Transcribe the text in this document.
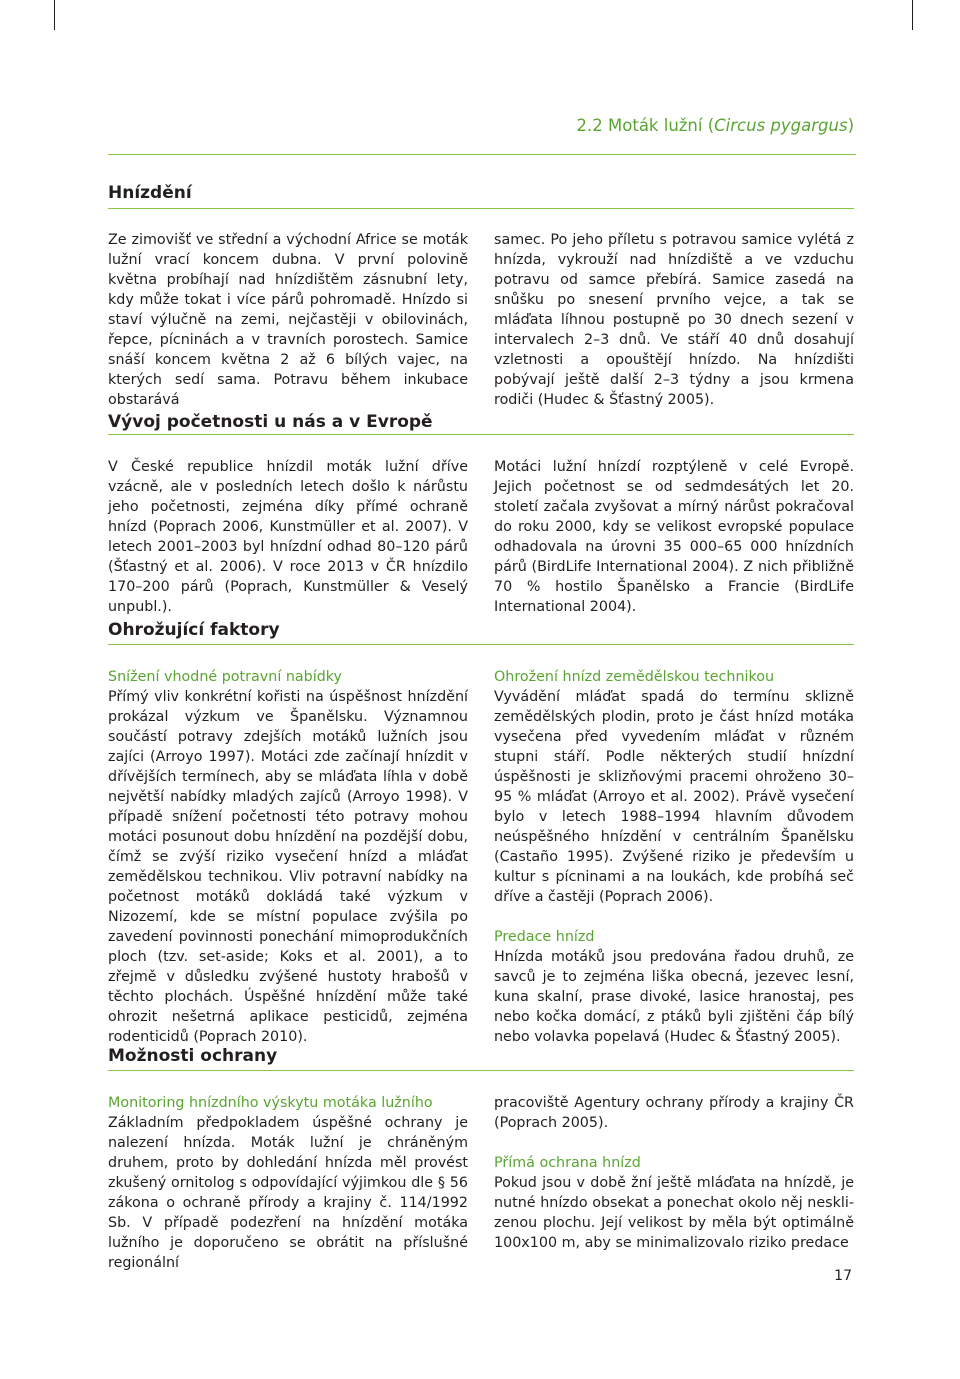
2.2 Moták lužní (Circus pygargus)
Hnízdění

Ze zimovišť ve střední a východní Africe se moták lužní vrací koncem dubna. V první polovině května probíhají nad hnízdištěm zásnubní lety, kdy může tokat i více párů pohromadě. Hnízdo si staví výlučně na zemi, nejčastěji v obilovinách, řepce, pícninách a v travních porostech. Samice snáší koncem května 2 až 6 bílých vajec, na kterých sedí sama. Potravu během inkubace obstarává

samec. Po jeho příletu s potravou samice vylétá z hnízda, vykrouží nad hnízdiště a ve vzduchu potravu od samce přebírá. Samice zasedá na snůšku po snesení prvního vejce, a tak se mláďata líhnou postupně po 30 dnech sezení v intervalech 2–3 dnů. Ve stáří 40 dnů dosahují vzletnosti a opouštějí hnízdo. Na hnízdišti pobývají ještě další 2–3 týdny a jsou krmena rodiči (Hudec & Šťastný 2005).

Vývoj početnosti u nás a v Evropě

V České republice hnízdil moták lužní dříve vzácně, ale v posledních letech došlo k nárůstu jeho početnosti, zejména díky přímé ochraně hnízd (Poprach 2006, Kunstmüller et al. 2007). V letech 2001–2003 byl hnízdní odhad 80–120 párů (Šťastný et al. 2006). V roce 2013 v ČR hnízdilo 170–200 párů (Poprach, Kunstmüller & Veselý unpubl.).

Motáci lužní hnízdí rozptýleně v celé Evropě. Jejich početnost se od sedmdesátých let 20. století začala zvyšovat a mírný nárůst pokračoval do roku 2000, kdy se velikost evropské populace odhadovala na úrovni 35 000–65 000 hnízdních párů (BirdLife International 2004). Z nich přibližně 70 % hostilo Španělsko a Francie (BirdLife International 2004).

Ohrožující faktory

Snížení vhodné potravní nabídky

Přímý vliv konkrétní kořisti na úspěšnost hnízdění prokázal výzkum ve Španělsku. Významnou součástí potravy zdejších motáků lužních jsou zajíci (Arroyo 1997). Motáci zde začínají hnízdit v dřívějších termínech, aby se mláďata líhla v době největší nabídky mladých zajíců (Arroyo 1998). V případě snížení početnosti této potravy mohou motáci posunout dobu hnízdění na pozdější dobu, čímž se zvýší riziko vysečení hnízd a mláďat zemědělskou technikou. Vliv potravní nabídky na početnost motáků dokládá také výzkum v Nizozemí, kde se místní populace zvýšila po zavedení povinnosti ponechání mimoprodukčních ploch (tzv. set-aside; Koks et al. 2001), a to zřejmě v důsledku zvýšené hustoty hrabošů v těchto plochách. Úspěšné hnízdění může také ohrozit nešetrná aplikace pesticidů, zejména rodenticidů (Poprach 2010).

Ohrožení hnízd zemědělskou technikou

Vyvádění mláďat spadá do termínu sklizně zemědělských plodin, proto je část hnízd motáka vysečena před vyvedením mláďat v různém stupni stáří. Podle některých studií hnízdní úspěšnosti je sklizňovými pracemi ohroženo 30–95 % mláďat (Arroyo et al. 2002). Právě vysečení bylo v letech 1988–1994 hlavním důvodem neúspěšného hnízdění v centrálním Španělsku (Castaño 1995). Zvýšené riziko je především u kultur s pícninami a na loukách, kde probíhá seč dříve a častěji (Poprach 2006).

Predace hnízd

Hnízda motáků jsou predována řadou druhů, ze savců je to zejména liška obecná, jezevec lesní, kuna skalní, prase divoké, lasice hranostaj, pes nebo kočka domácí, z ptáků byli zjištěni čáp bílý nebo volavka popelavá (Hudec & Šťastný 2005).

Možnosti ochrany

Monitoring hnízdního výskytu motáka lužního

Základním předpokladem úspěšné ochrany je nalezení hnízda. Moták lužní je chráněným druhem, proto by dohledání hnízda měl provést zkušený ornitolog s odpovídající výjimkou dle § 56 zákona o ochraně přírody a krajiny č. 114/1992 Sb. V případě podezření na hnízdění motáka lužního je doporučeno se obrátit na příslušné regionální

pracoviště Agentury ochrany přírody a krajiny ČR (Poprach 2005).

Přímá ochrana hnízd

Pokud jsou v době žní ještě mláďata na hnízdě, je nutné hnízdo obsekat a ponechat okolo něj nesklizenou plochu. Její velikost by měla být optimálně 100x100 m, aby se minimalizovalo riziko predace

17
